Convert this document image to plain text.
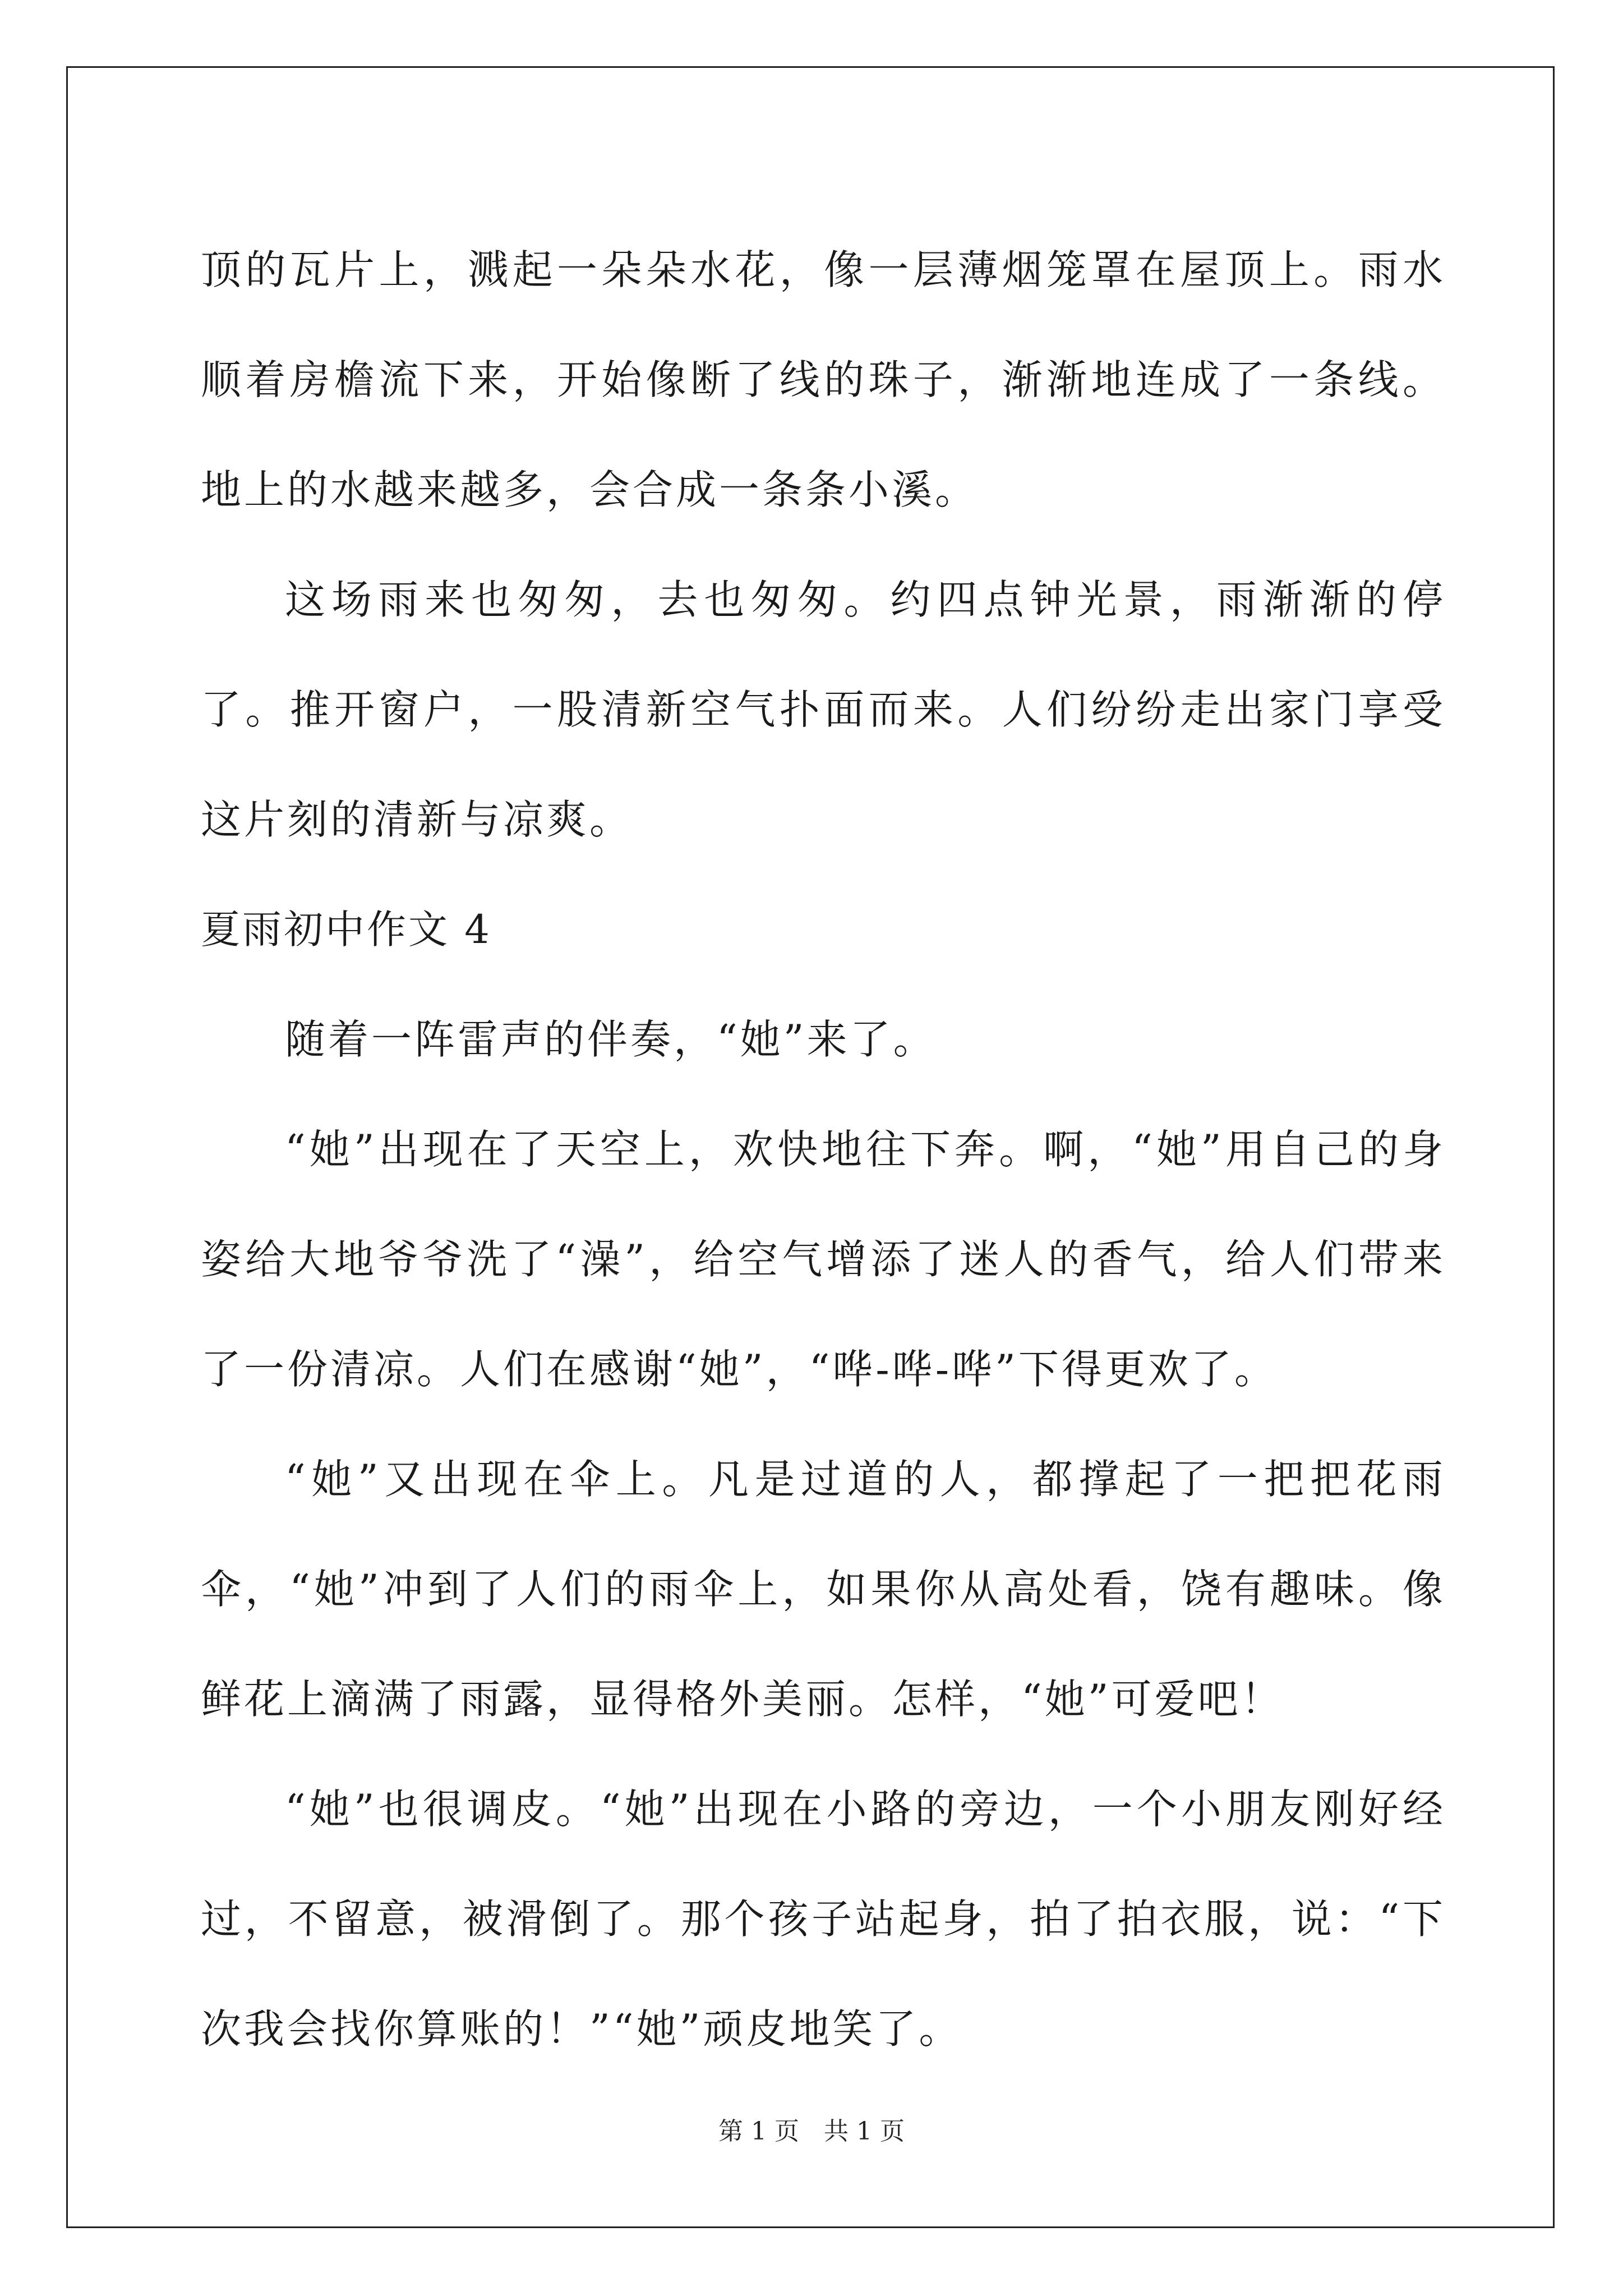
顶的瓦片上，溅起一朵朵水花，像一层薄烟笼罩在屋顶上。雨水顺着房檐流下来，开始像断了线的珠子，渐渐地连成了一条线。地上的水越来越多，会合成一条条小溪。

这场雨来也匆匆，去也匆匆。约四点钟光景，雨渐渐的停了。推开窗户，一股清新空气扑面而来。人们纷纷走出家门享受这片刻的清新与凉爽。

夏雨初中作文 4

随着一阵雷声的伴奏，“她”来了。

“她”出现在了天空上，欢快地往下奔。啊，“她”用自己的身姿给大地爷爷洗了“澡”，给空气增添了迷人的香气，给人们带来了一份清凉。人们在感谢“她”，“哗-哗-哗”下得更欢了。

“她”又出现在伞上。凡是过道的人，都撑起了一把把花雨伞，“她”冲到了人们的雨伞上，如果你从高处看，饶有趣味。像鲜花上滴满了雨露，显得格外美丽。怎样，“她”可爱吧！

“她”也很调皮。“她”出现在小路的旁边，一个小朋友刚好经过，不留意，被滑倒了。那个孩子站起身，拍了拍衣服，说：“下次我会找你算账的！”“她”顽皮地笑了。

第 1 页　共 1 页
